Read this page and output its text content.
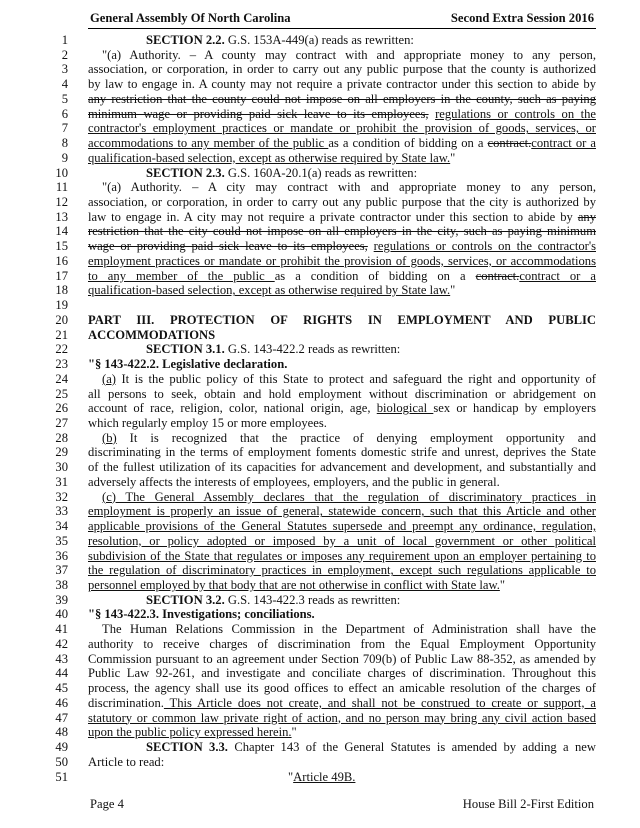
General Assembly Of North Carolina	Second Extra Session 2016
1	SECTION 2.2. G.S. 153A-449(a) reads as rewritten:
2	"(a) Authority. – A county may contract with and appropriate money to any person,
3 association, or corporation, in order to carry out any public purpose that the county is authorized
4 by law to engage in. A county may not require a private contractor under this section to abide by
5 any restriction that the county could not impose on all employers in the county, such as paying
6 minimum wage or providing paid sick leave to its employees, regulations or controls on the
7 contractor's employment practices or mandate or prohibit the provision of goods, services, or
8 accommodations to any member of the public as a condition of bidding on a contract.contract or a
9 qualification-based selection, except as otherwise required by State law."
10	SECTION 2.3. G.S. 160A-20.1(a) reads as rewritten:
11	"(a) Authority. – A city may contract with and appropriate money to any person,
12 association, or corporation, in order to carry out any public purpose that the city is authorized by
13 law to engage in. A city may not require a private contractor under this section to abide by any
14 restriction that the city could not impose on all employers in the city, such as paying minimum
15 wage or providing paid sick leave to its employees, regulations or controls on the contractor's
16 employment practices or mandate or prohibit the provision of goods, services, or accommodations
17 to any member of the public as a condition of bidding on a contract.contract or a
18 qualification-based selection, except as otherwise required by State law."
19
20 PART III. PROTECTION OF RIGHTS IN EMPLOYMENT AND PUBLIC
21 ACCOMMODATIONS
22	SECTION 3.1. G.S. 143-422.2 reads as rewritten:
23 "§ 143-422.2. Legislative declaration.
24	(a) It is the public policy of this State to protect and safeguard the right and opportunity of
25 all persons to seek, obtain and hold employment without discrimination or abridgement on
26 account of race, religion, color, national origin, age, biological sex or handicap by employers
27 which regularly employ 15 or more employees.
28	(b) It is recognized that the practice of denying employment opportunity and
29 discriminating in the terms of employment foments domestic strife and unrest, deprives the State
30 of the fullest utilization of its capacities for advancement and development, and substantially and
31 adversely affects the interests of employees, employers, and the public in general.
32	(c) The General Assembly declares that the regulation of discriminatory practices in
33 employment is properly an issue of general, statewide concern, such that this Article and other
34 applicable provisions of the General Statutes supersede and preempt any ordinance, regulation,
35 resolution, or policy adopted or imposed by a unit of local government or other political
36 subdivision of the State that regulates or imposes any requirement upon an employer pertaining to
37 the regulation of discriminatory practices in employment, except such regulations applicable to
38 personnel employed by that body that are not otherwise in conflict with State law."
39	SECTION 3.2. G.S. 143-422.3 reads as rewritten:
40 "§ 143-422.3. Investigations; conciliations.
41	The Human Relations Commission in the Department of Administration shall have the
42 authority to receive charges of discrimination from the Equal Employment Opportunity
43 Commission pursuant to an agreement under Section 709(b) of Public Law 88-352, as amended by
44 Public Law 92-261, and investigate and conciliate charges of discrimination. Throughout this
45 process, the agency shall use its good offices to effect an amicable resolution of the charges of
46 discrimination. This Article does not create, and shall not be construed to create or support, a
47 statutory or common law private right of action, and no person may bring any civil action based
48 upon the public policy expressed herein."
49	SECTION 3.3. Chapter 143 of the General Statutes is amended by adding a new
50 Article to read:
51	"Article 49B.
Page 4	House Bill 2-First Edition
